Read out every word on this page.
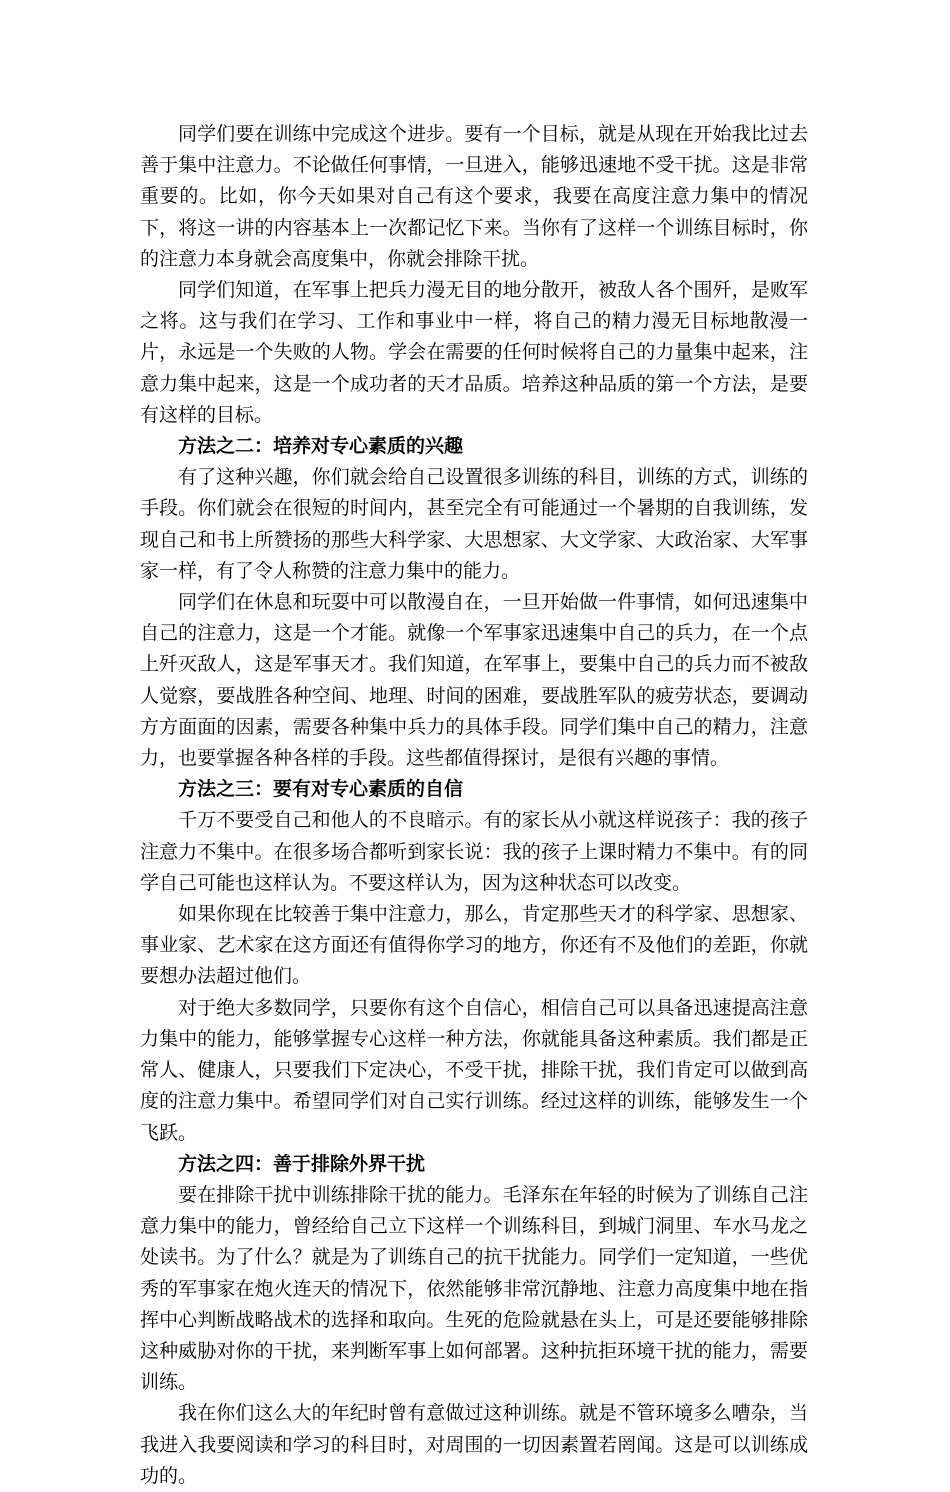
同学们要在训练中完成这个进步。要有一个目标，就是从现在开始我比过去善于集中注意力。不论做任何事情，一旦进入，能够迅速地不受干扰。这是非常重要的。比如，你今天如果对自己有这个要求，我要在高度注意力集中的情况下，将这一讲的内容基本上一次都记忆下来。当你有了这样一个训练目标时，你的注意力本身就会高度集中，你就会排除干扰。

同学们知道，在军事上把兵力漫无目的地分散开，被敌人各个围歼，是败军之将。这与我们在学习、工作和事业中一样，将自己的精力漫无目标地散漫一片，永远是一个失败的人物。学会在需要的任何时候将自己的力量集中起来，注意力集中起来，这是一个成功者的天才品质。培养这种品质的第一个方法，是要有这样的目标。

方法之二：培养对专心素质的兴趣

有了这种兴趣，你们就会给自己设置很多训练的科目，训练的方式，训练的手段。你们就会在很短的时间内，甚至完全有可能通过一个暑期的自我训练，发现自己和书上所赞扬的那些大科学家、大思想家、大文学家、大政治家、大军事家一样，有了令人称赞的注意力集中的能力。

同学们在休息和玩耍中可以散漫自在，一旦开始做一件事情，如何迅速集中自己的注意力，这是一个才能。就像一个军事家迅速集中自己的兵力，在一个点上歼灭敌人，这是军事天才。我们知道，在军事上，要集中自己的兵力而不被敌人觉察，要战胜各种空间、地理、时间的困难，要战胜军队的疲劳状态，要调动方方面面的因素，需要各种集中兵力的具体手段。同学们集中自己的精力，注意力，也要掌握各种各样的手段。这些都值得探讨，是很有兴趣的事情。

方法之三：要有对专心素质的自信

千万不要受自己和他人的不良暗示。有的家长从小就这样说孩子：我的孩子注意力不集中。在很多场合都听到家长说：我的孩子上课时精力不集中。有的同学自己可能也这样认为。不要这样认为，因为这种状态可以改变。

如果你现在比较善于集中注意力，那么，肯定那些天才的科学家、思想家、事业家、艺术家在这方面还有值得你学习的地方，你还有不及他们的差距，你就要想办法超过他们。

对于绝大多数同学，只要你有这个自信心，相信自己可以具备迅速提高注意力集中的能力，能够掌握专心这样一种方法，你就能具备这种素质。我们都是正常人、健康人，只要我们下定决心，不受干扰，排除干扰，我们肯定可以做到高度的注意力集中。希望同学们对自己实行训练。经过这样的训练，能够发生一个飞跃。

方法之四：善于排除外界干扰

要在排除干扰中训练排除干扰的能力。毛泽东在年轻的时候为了训练自己注意力集中的能力，曾经给自己立下这样一个训练科目，到城门洞里、车水马龙之处读书。为了什么？就是为了训练自己的抗干扰能力。同学们一定知道，一些优秀的军事家在炮火连天的情况下，依然能够非常沉静地、注意力高度集中地在指挥中心判断战略战术的选择和取向。生死的危险就悬在头上，可是还要能够排除这种威胁对你的干扰，来判断军事上如何部署。这种抗拒环境干扰的能力，需要训练。

我在你们这么大的年纪时曾有意做过这种训练。就是不管环境多么嘈杂，当我进入我要阅读和学习的科目时，对周围的一切因素置若罔闻。这是可以训练成功的。
